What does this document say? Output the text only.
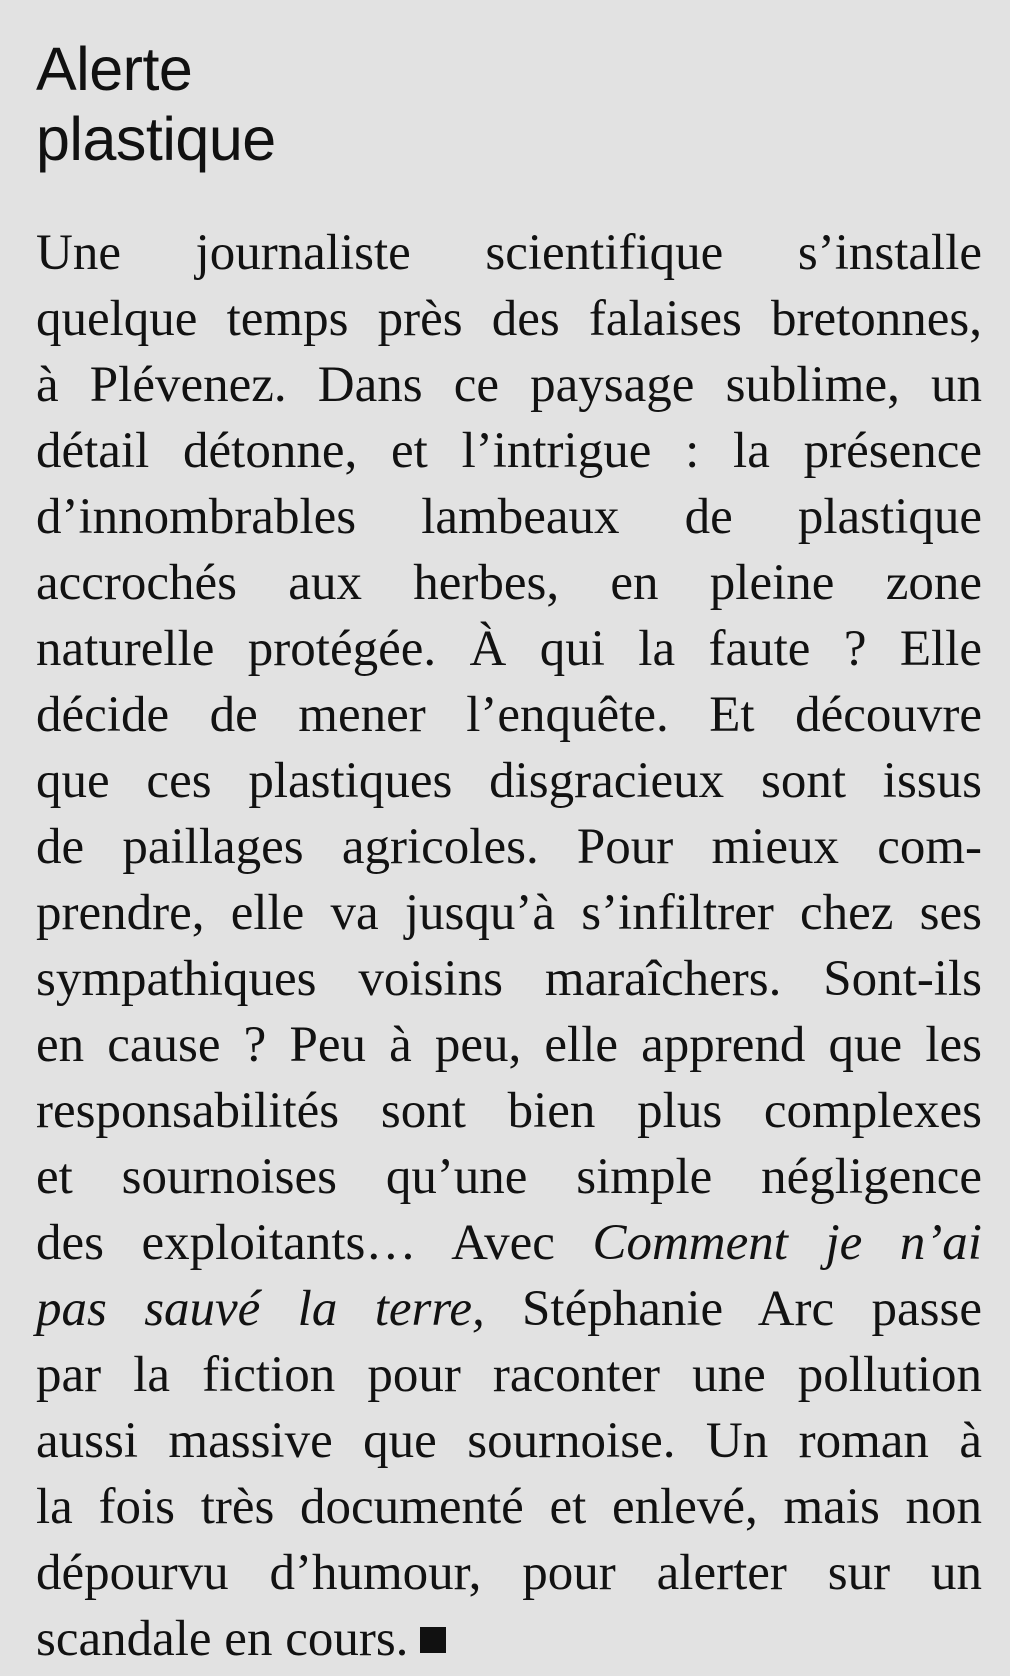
Alerte
plastique
Une journaliste scientifique s’installe
quelque temps près des falaises bretonnes,
à Plévenez. Dans ce paysage sublime, un
détail détonne, et l’intrigue : la présence
d’innombrables lambeaux de plastique
accrochés aux herbes, en pleine zone
naturelle protégée. À qui la faute ? Elle
décide de mener l’enquête. Et découvre
que ces plastiques disgracieux sont issus
de paillages agricoles. Pour mieux com-
prendre, elle va jusqu’à s’infiltrer chez ses
sympathiques voisins maraîchers. Sont-ils
en cause ? Peu à peu, elle apprend que les
responsabilités sont bien plus complexes
et sournoises qu’une simple négligence
des exploitants… Avec Comment je n’ai
pas sauvé la terre, Stéphanie Arc passe
par la fiction pour raconter une pollution
aussi massive que sournoise. Un roman à
la fois très documenté et enlevé, mais non
dépourvu d’humour, pour alerter sur un
scandale en cours.
